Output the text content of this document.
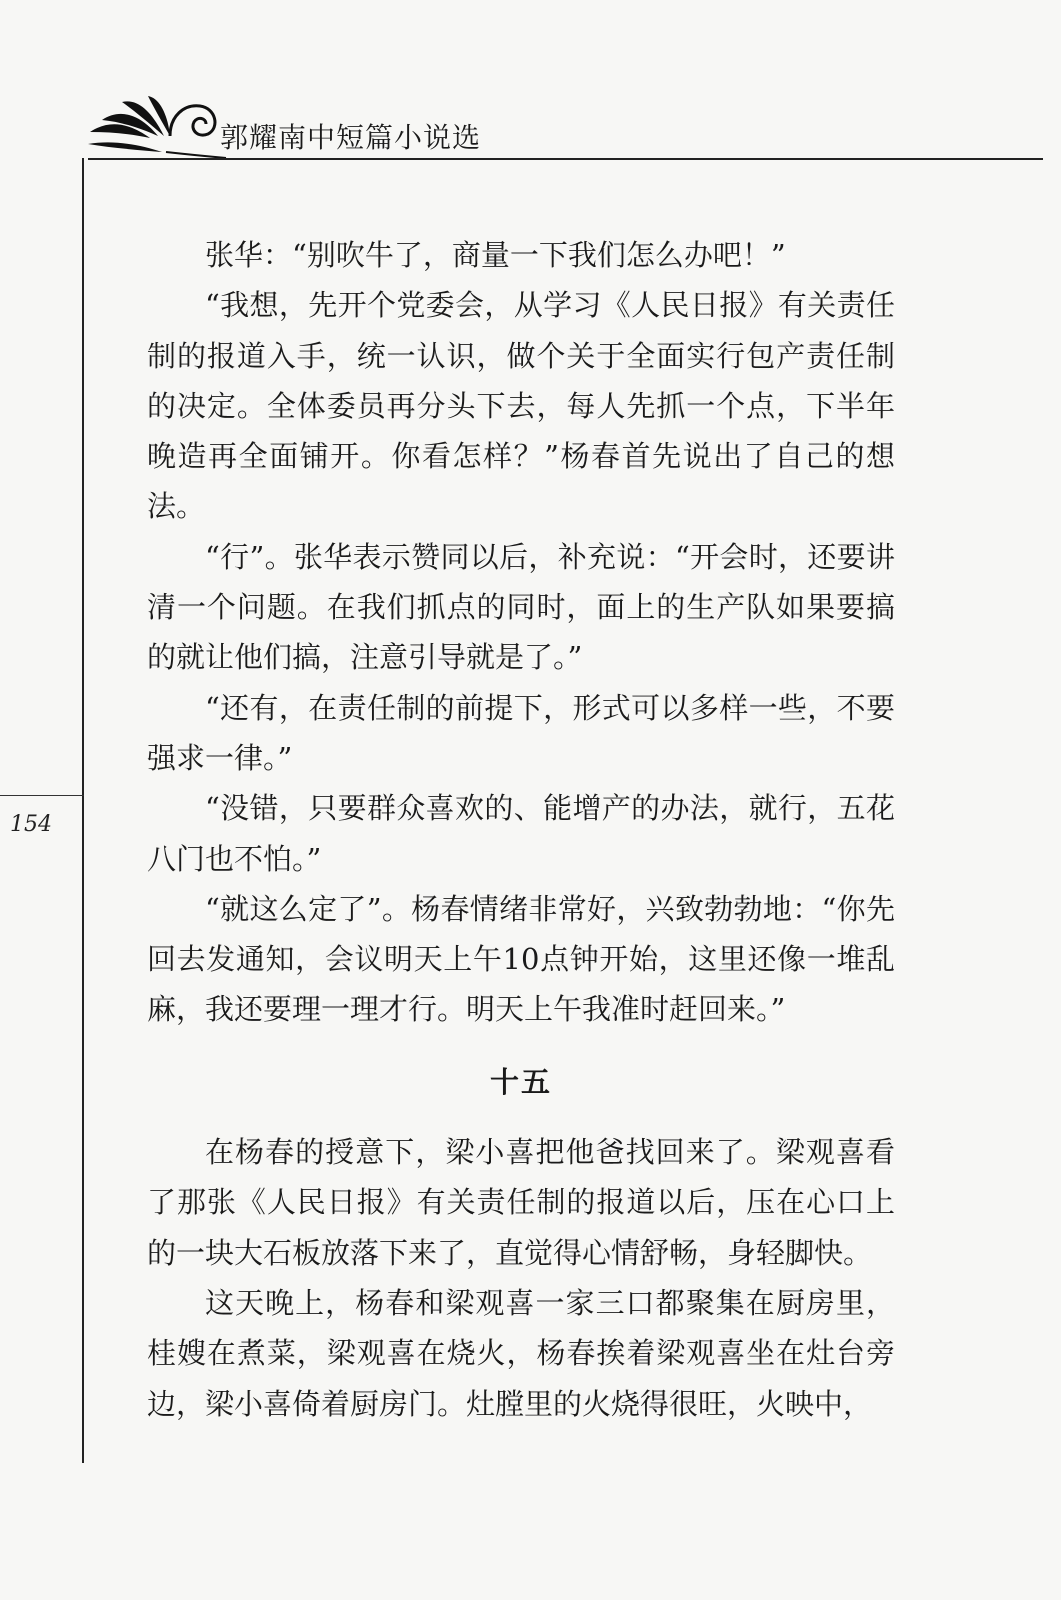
郭耀南中短篇小说选
154

张华：“别吹牛了，商量一下我们怎么办吧！”

“我想，先开个党委会，从学习《人民日报》有关责任制的报道入手，统一认识，做个关于全面实行包产责任制的决定。全体委员再分头下去，每人先抓一个点，下半年晚造再全面铺开。你看怎样？”杨春首先说出了自己的想法。

“行”。张华表示赞同以后，补充说：“开会时，还要讲清一个问题。在我们抓点的同时，面上的生产队如果要搞的就让他们搞，注意引导就是了。”

“还有，在责任制的前提下，形式可以多样一些，不要强求一律。”

“没错，只要群众喜欢的、能增产的办法，就行，五花八门也不怕。”

“就这么定了”。杨春情绪非常好，兴致勃勃地：“你先回去发通知，会议明天上午10点钟开始，这里还像一堆乱麻，我还要理一理才行。明天上午我准时赶回来。”

十五

在杨春的授意下，梁小喜把他爸找回来了。梁观喜看了那张《人民日报》有关责任制的报道以后，压在心口上的一块大石板放落下来了，直觉得心情舒畅，身轻脚快。

这天晚上，杨春和梁观喜一家三口都聚集在厨房里，桂嫂在煮菜，梁观喜在烧火，杨春挨着梁观喜坐在灶台旁边，梁小喜倚着厨房门。灶膛里的火烧得很旺，火映中，
